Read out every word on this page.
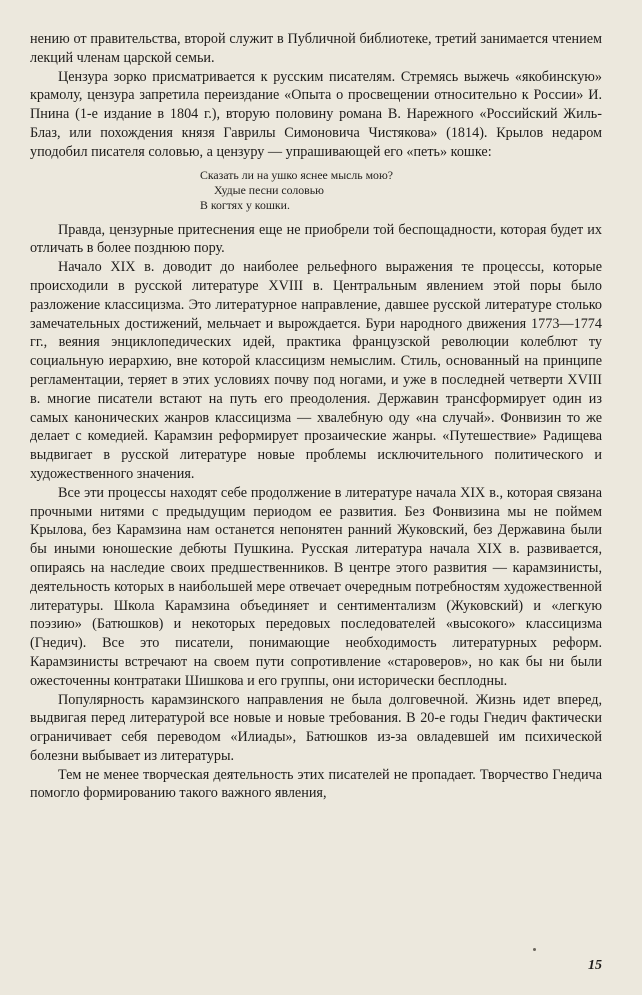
нению от правительства, второй служит в Публичной библиотеке, третий занимается чтением лекций членам царской семьи.

Цензура зорко присматривается к русским писателям. Стремясь выжечь «якобинскую» крамолу, цензура запретила переиздание «Опыта о просвещении относительно к России» И. Пнина (1-е издание в 1804 г.), вторую половину романа В. Нарежного «Российский Жиль-Блаз, или похождения князя Гаврилы Симоновича Чистякова» (1814). Крылов недаром уподобил писателя соловью, а цензуру — упрашивающей его «петь» кошке:

Сказать ли на ушко яснее мысль мою?
Худые песни соловью
В когтях у кошки.

Правда, цензурные притеснения еще не приобрели той беспощадности, которая будет их отличать в более позднюю пору.

Начало XIX в. доводит до наиболее рельефного выражения те процессы, которые происходили в русской литературе XVIII в. Центральным явлением этой поры было разложение классицизма. Это литературное направление, давшее русской литературе столько замечательных достижений, мельчает и вырождается. Бури народного движения 1773—1774 гг., веяния энциклопедических идей, практика французской революции колеблют ту социальную иерархию, вне которой классицизм немыслим. Стиль, основанный на принципе регламентации, теряет в этих условиях почву под ногами, и уже в последней четверти XVIII в. многие писатели встают на путь его преодоления. Державин трансформирует один из самых канонических жанров классицизма — хвалебную оду «на случай». Фонвизин то же делает с комедией. Карамзин реформирует прозаические жанры. «Путешествие» Радищева выдвигает в русской литературе новые проблемы исключительного политического и художественного значения.

Все эти процессы находят себе продолжение в литературе начала XIX в., которая связана прочными нитями с предыдущим периодом ее развития. Без Фонвизина мы не поймем Крылова, без Карамзина нам останется непонятен ранний Жуковский, без Державина были бы иными юношеские дебюты Пушкина. Русская литература начала XIX в. развивается, опираясь на наследие своих предшественников. В центре этого развития — карамзинисты, деятельность которых в наибольшей мере отвечает очередным потребностям художественной литературы. Школа Карамзина объединяет и сентиментализм (Жуковский) и «легкую поэзию» (Батюшков) и некоторых передовых последователей «высокого» классицизма (Гнедич). Все это писатели, понимающие необходимость литературных реформ. Карамзинисты встречают на своем пути сопротивление «староверов», но как бы ни были ожесточенны контратаки Шишкова и его группы, они исторически бесплодны.

Популярность карамзинского направления не была долговечной. Жизнь идет вперед, выдвигая перед литературой все новые и новые требования. В 20-е годы Гнедич фактически ограничивает себя переводом «Илиады», Батюшков из-за овладевшей им психической болезни выбывает из литературы.

Тем не менее творческая деятельность этих писателей не пропадает. Творчество Гнедича помогло формированию такого важного явления,

15
